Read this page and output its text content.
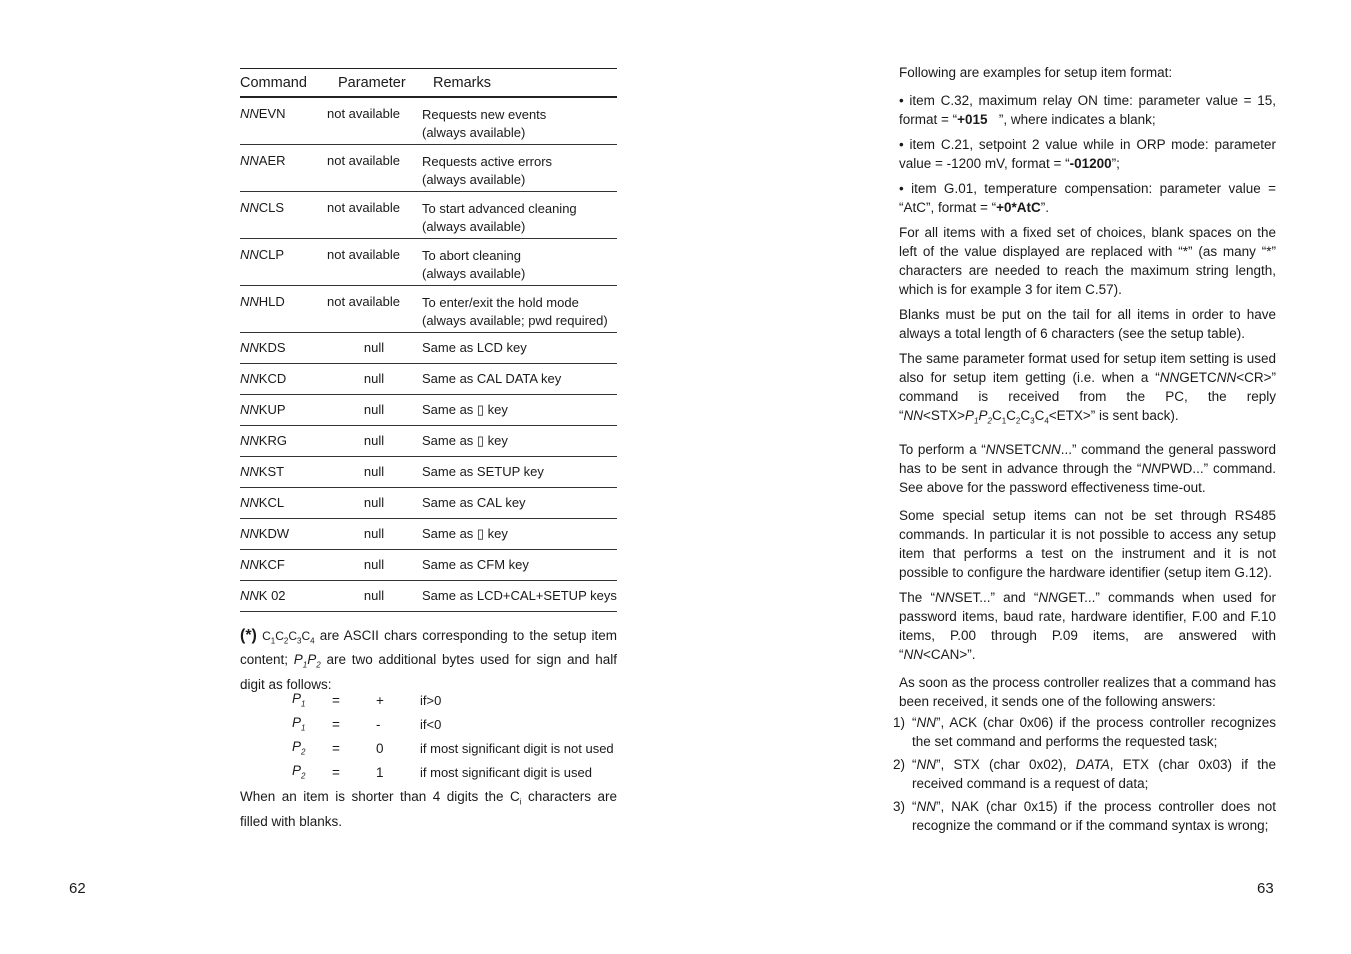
Command	Parameter	Remarks
NNEVN	not available	Requests new events
(always available)
NNAER	not available	Requests active errors
(always available)
NNCLS	not available	To start advanced cleaning
(always available)
NNCLP	not available	To abort cleaning
(always available)
NNHLD	not available	To enter/exit the hold mode
(always available; pwd required)
NNKDS	null	Same as LCD key
NNKCD	null	Same as CAL DATA key
NNKUP	null	Same as ▯ key
NNKRG	null	Same as ▯ key
NNKST	null	Same as SETUP key
NNKCL	null	Same as CAL key
NNKDW	null	Same as ▯ key
NNKCF	null	Same as CFM key
NNK 02	null	Same as LCD+CAL+SETUP keys
(*) $C_1C_2C_3C_4$ are ASCII chars corresponding to the setup item content; $P_1P_2$ are two additional bytes used for sign and half digit as follows:
$P_1$	=	+	if>0
$P_1$	=	-	if<0
$P_2$	=	0	if most significant digit is not used
$P_2$	=	1	if most significant digit is used
When an item is shorter than 4 digits the $C_i$ characters are filled with blanks.
62

Following are examples for setup item format:

• item C.32, maximum relay ON time: parameter value = 15, format = “+015 ”, where indicates a blank;

• item C.21, setpoint 2 value while in ORP mode: parameter value = -1200 mV, format = “-01200”;

• item G.01, temperature compensation: parameter value = “AtC”, format = “+0*AtC”.

For all items with a fixed set of choices, blank spaces on the left of the value displayed are replaced with “*” (as many “*” characters are needed to reach the maximum string length, which is for example 3 for item C.57).

Blanks must be put on the tail for all items in order to have always a total length of 6 characters (see the setup table).

The same parameter format used for setup item setting is used also for setup item getting (i.e. when a “NNGETCNN<CR>” command is received from the PC, the reply “$NN<STX>P_1P_2C_1C_2C_3C_4<ETX>$” is sent back).

To perform a “NNSETCNN...” command the general password has to be sent in advance through the “NNPWD...” command. See above for the password effectiveness time-out.

Some special setup items can not be set through RS485 commands. In particular it is not possible to access any setup item that performs a test on the instrument and it is not possible to configure the hardware identifier (setup item G.12).

The “NNSET...” and “NNGET...” commands when used for password items, baud rate, hardware identifier, F.00 and F.10 items, P.00 through P.09 items, are answered with “NN<CAN>”.

As soon as the process controller realizes that a command has been received, it sends one of the following answers:

1) “NN”, ACK (char 0x06) if the process controller recognizes the set command and performs the requested task;
2) “NN”, STX (char 0x02), DATA, ETX (char 0x03) if the received command is a request of data;
3) “NN”, NAK (char 0x15) if the process controller does not recognize the command or if the command syntax is wrong;
63
